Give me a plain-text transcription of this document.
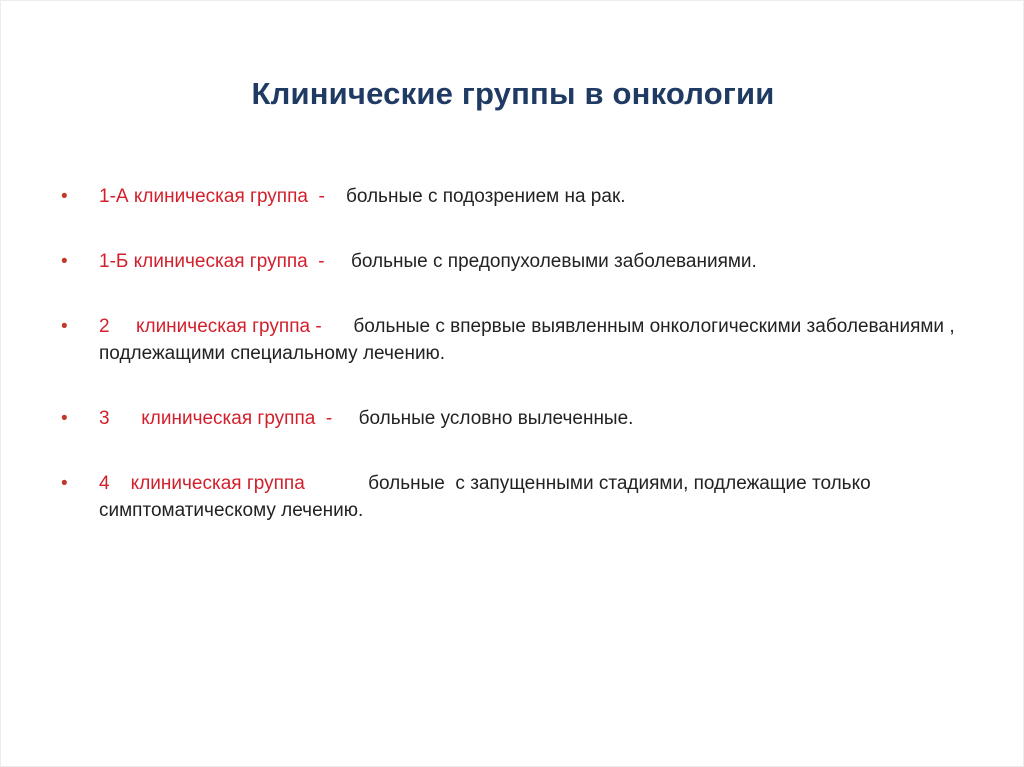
Клинические группы в онкологии
• 1-А клиническая группа  -    больные с подозрением на рак.
• 1-Б клиническая группа  -     больные с предопухолевыми заболеваниями.
• 2     клиническая группа -      больные с впервые выявленным онкологическими заболеваниями , подлежащими специальному лечению.
• 3      клиническая группа  -     больные условно вылеченные.
• 4    клиническая группа            больные  с запущенными стадиями, подлежащие только симптоматическому лечению.
